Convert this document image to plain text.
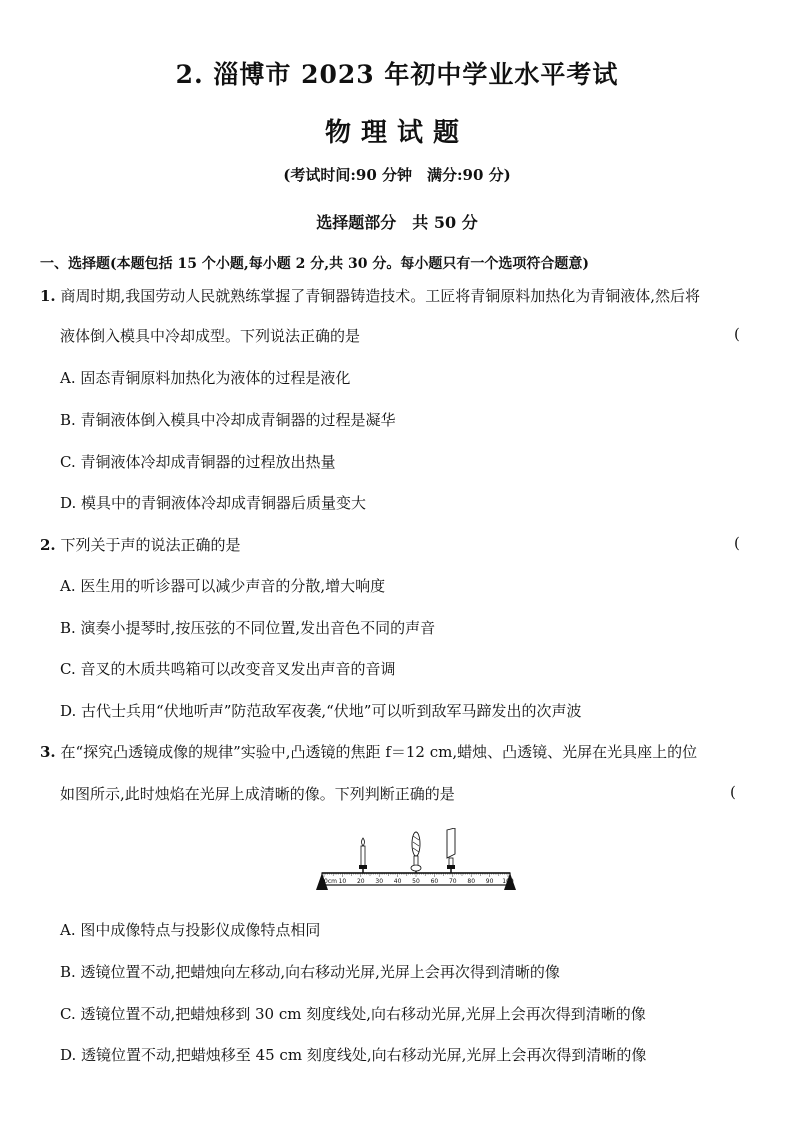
2. 淄博市 2023 年初中学业水平考试
物理试题
(考试时间:90 分钟　满分:90 分)
选择题部分　共 50 分
一、选择题(本题包括 15 个小题,每小题 2 分,共 30 分。每小题只有一个选项符合题意)
1. 商周时期,我国劳动人民就熟练掌握了青铜器铸造技术。工匠将青铜原料加热化为青铜液体,然后将
液体倒入模具中冷却成型。下列说法正确的是	(
A. 固态青铜原料加热化为液体的过程是液化
B. 青铜液体倒入模具中冷却成青铜器的过程是凝华
C. 青铜液体冷却成青铜器的过程放出热量
D. 模具中的青铜液体冷却成青铜器后质量变大
2. 下列关于声的说法正确的是	(
A. 医生用的听诊器可以减少声音的分散,增大响度
B. 演奏小提琴时,按压弦的不同位置,发出音色不同的声音
C. 音叉的木质共鸣箱可以改变音叉发出声音的音调
D. 古代士兵用“伏地听声”防范敌军夜袭,“伏地”可以听到敌军马蹄发出的次声波
3. 在“探究凸透镜成像的规律”实验中,凸透镜的焦距 f＝12 cm,蜡烛、凸透镜、光屏在光具座上的位
如图所示,此时烛焰在光屏上成清晰的像。下列判断正确的是	(
0cm 10 20 30 40 50 60 70 80 90 100
A. 图中成像特点与投影仪成像特点相同
B. 透镜位置不动,把蜡烛向左移动,向右移动光屏,光屏上会再次得到清晰的像
C. 透镜位置不动,把蜡烛移到 30 cm 刻度线处,向右移动光屏,光屏上会再次得到清晰的像
D. 透镜位置不动,把蜡烛移至 45 cm 刻度线处,向右移动光屏,光屏上会再次得到清晰的像
